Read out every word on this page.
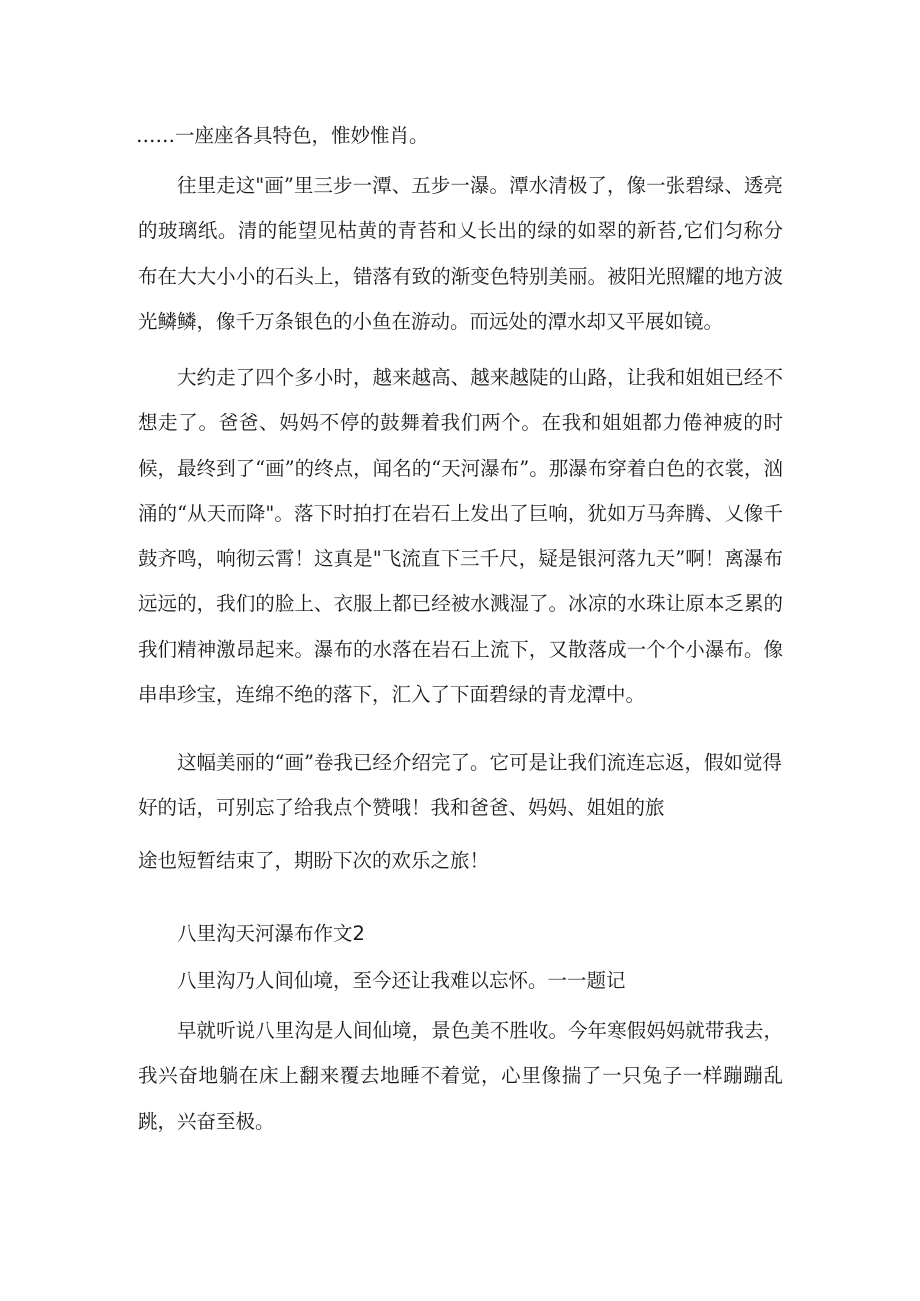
……一座座各具特色，惟妙惟肖。

往里走这"画”里三步一潭、五步一瀑。潭水清极了，像一张碧绿、透亮的玻璃纸。清的能望见枯黄的青苔和乂长出的绿的如翠的新苔,它们匀称分布在大大小小的石头上，错落有致的渐变色特别美丽。被阳光照耀的地方波光鳞鳞，像千万条银色的小鱼在游动。而远处的潭水却又平展如镜。

大约走了四个多小时，越来越高、越来越陡的山路，让我和姐姐已经不想走了。爸爸、妈妈不停的鼓舞着我们两个。在我和姐姐都力倦神疲的时候，最终到了“画”的终点，闻名的“天河瀑布”。那瀑布穿着白色的衣裳，汹涌的“从天而降"。落下时拍打在岩石上发出了巨响，犹如万马奔腾、乂像千鼓齐鸣，响彻云霄！这真是"飞流直下三千尺，疑是银河落九天”啊！离瀑布远远的，我们的脸上、衣服上都已经被水溅湿了。冰凉的水珠让原本乏累的我们精神激昂起来。瀑布的水落在岩石上流下，又散落成一个个小瀑布。像串串珍宝，连绵不绝的落下，汇入了下面碧绿的青龙潭中。

这幅美丽的“画”卷我已经介绍完了。它可是让我们流连忘返，假如觉得

好的话，可别忘了给我点个赞哦！我和爸爸、妈妈、姐姐的旅

途也短暂结束了，期盼下次的欢乐之旅！

八里沟天河瀑布作文2

八里沟乃人间仙境，至今还让我难以忘怀。一一题记

早就听说八里沟是人间仙境，景色美不胜收。今年寒假妈妈就带我去，我兴奋地躺在床上翻来覆去地睡不着觉，心里像揣了一只兔子一样蹦蹦乱跳，兴奋至极。
